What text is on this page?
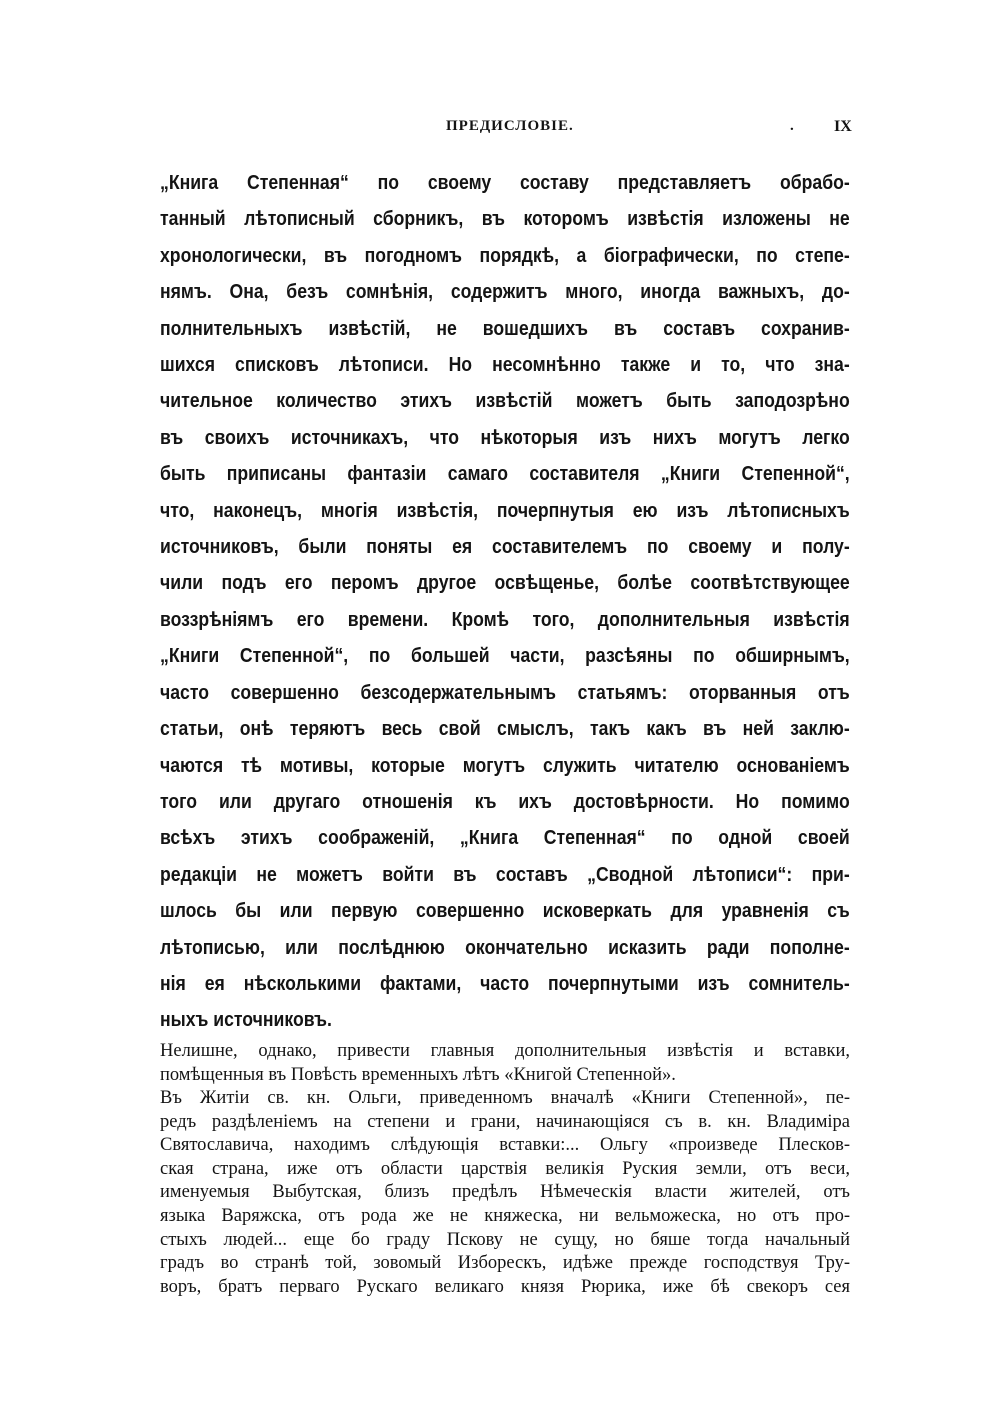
ПРЕДИСЛОВІЕ.	.	IX
„Книга Степенная“ по своему составу представляетъ обрабо-
танный лѣтописный сборникъ, въ которомъ извѣстія изложены не
хронологически, въ погодномъ порядкѣ, а біографически, по степе-
нямъ. Она, безъ сомнѣнія, содержитъ много, иногда важныхъ, до-
полнительныхъ извѣстій, не вошедшихъ въ составъ сохранив-
шихся списковъ лѣтописи. Но несомнѣнно также и то, что зна-
чительное количество этихъ извѣстій можетъ быть заподозрѣно
въ своихъ источникахъ, что нѣкоторыя изъ нихъ могутъ легко
быть приписаны фантазіи самаго составителя „Книги Степенной“,
что, наконецъ, многія извѣстія, почерпнутыя ею изъ лѣтописныхъ
источниковъ, были поняты ея составителемъ по своему и полу-
чили подъ его перомъ другое освѣщенье, болѣе соотвѣтствующее
воззрѣніямъ его времени. Кромѣ того, дополнительныя извѣстія
„Книги Степенной“, по большей части, разсѣяны по обширнымъ,
часто совершенно безсодержательнымъ статьямъ: оторванныя отъ
статьи, онѣ теряютъ весь свой смыслъ, такъ какъ въ ней заклю-
чаются тѣ мотивы, которые могутъ служить читателю основаніемъ
того или другаго отношенія къ ихъ достовѣрности. Но помимо
всѣхъ этихъ соображеній, „Книга Степенная“ по одной своей
редакціи не можетъ войти въ составъ „Сводной лѣтописи“: при-
шлось бы или первую совершенно исковеркать для уравненія съ
лѣтописью, или послѣднюю окончательно исказить ради пополне-
нія ея нѣсколькими фактами, часто почерпнутыми изъ сомнитель-
ныхъ источниковъ.
Нелишне, однако, привести главныя дополнительныя извѣстія и вставки,
помѣщенныя въ Повѣсть временныхъ лѣтъ «Книгой Степенной».
Въ Житіи св. кн. Ольги, приведенномъ вначалѣ «Книги Степенной», пе-
редъ раздѣленіемъ на степени и грани, начинающіяся съ в. кн. Владиміра
Святославича, находимъ слѣдующія вставки:... Ольгу «произведе Плесков-
ская страна, иже отъ области царствія великія Руския земли, отъ веси,
именуемыя Выбутская, близъ предѣлъ Нѣмеческія власти жителей, отъ
языка Варяжска, отъ рода же не княжеска, ни вельможеска, но отъ про-
стыхъ людей... еще бо граду Пскову не сущу, но бяше тогда начальный
градъ во странѣ той, зовомый Изборескъ, идѣже прежде господствуя Тру-
воръ, братъ перваго Рускаго великаго князя Рюрика, иже бѣ свекоръ сея
